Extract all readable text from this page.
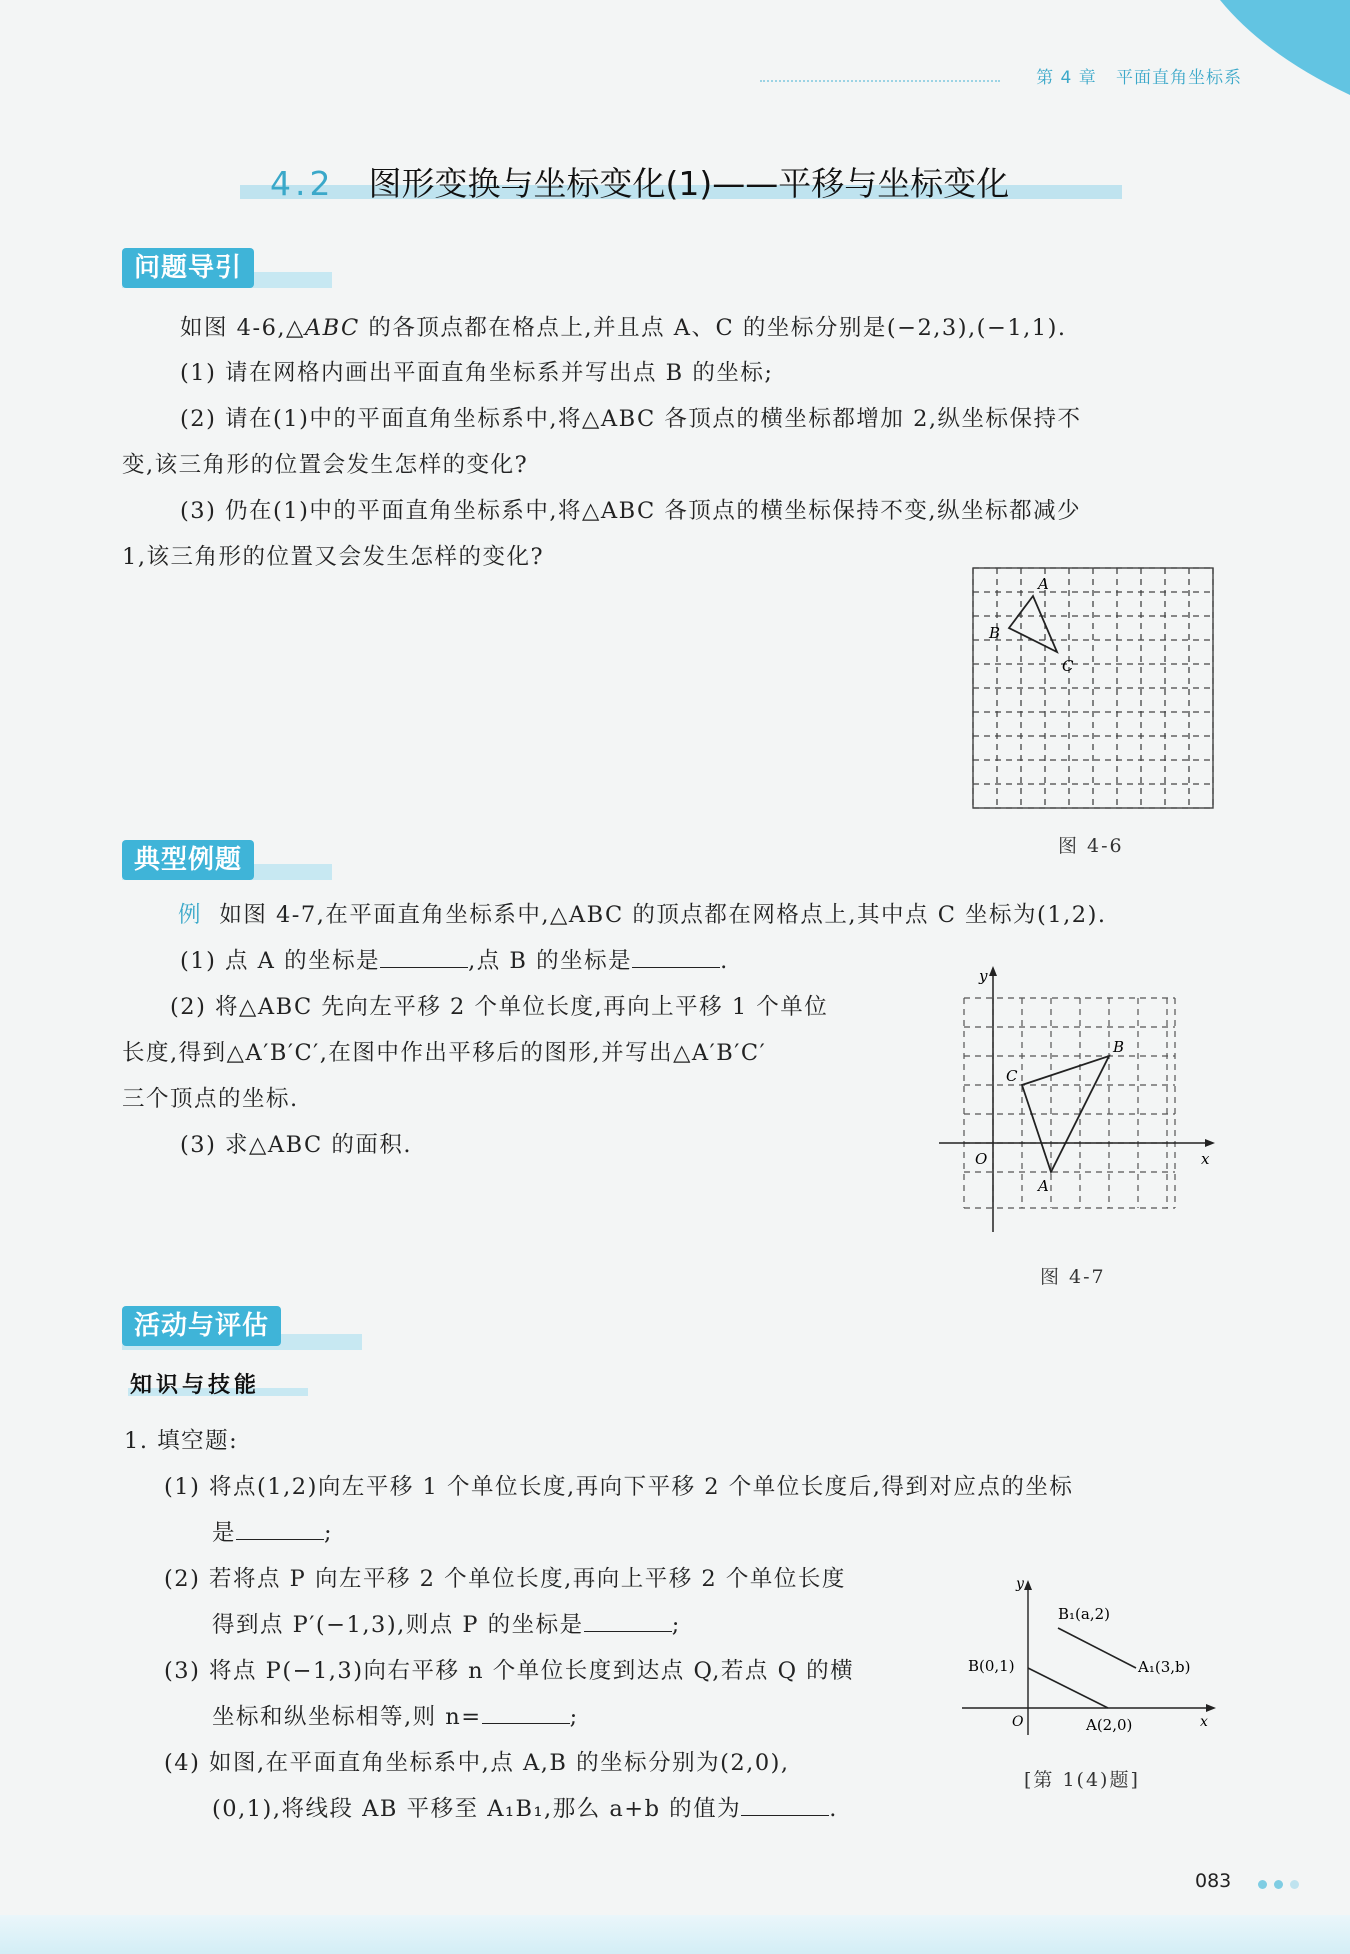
第 4 章 平面直角坐标系
4.2 图形变换与坐标变化(1)——平移与坐标变化
问题导引
如图 4-6,△ABC 的各顶点都在格点上,并且点 A、C 的坐标分别是(−2,3),(−1,1).
(1) 请在网格内画出平面直角坐标系并写出点 B 的坐标;
(2) 请在(1)中的平面直角坐标系中,将△ABC 各顶点的横坐标都增加 2,纵坐标保持不
变,该三角形的位置会发生怎样的变化?
(3) 仍在(1)中的平面直角坐标系中,将△ABC 各顶点的横坐标保持不变,纵坐标都减少
1,该三角形的位置又会发生怎样的变化?
A
B
C
图 4-6
典型例题
例 如图 4-7,在平面直角坐标系中,△ABC 的顶点都在网格点上,其中点 C 坐标为(1,2).
(1) 点 A 的坐标是	,点 B 的坐标是	.
(2) 将△ABC 先向左平移 2 个单位长度,再向上平移 1 个单位
长度,得到△A′B′C′,在图中作出平移后的图形,并写出△A′B′C′
三个顶点的坐标.
(3) 求△ABC 的面积.
y
x
O
A
B
C
图 4-7
活动与评估
知识与技能
1. 填空题:
(1) 将点(1,2)向左平移 1 个单位长度,再向下平移 2 个单位长度后,得到对应点的坐标
是	;
(2) 若将点 P 向左平移 2 个单位长度,再向上平移 2 个单位长度
得到点 P′(−1,3),则点 P 的坐标是	;
(3) 将点 P(−1,3)向右平移 n 个单位长度到达点 Q,若点 Q 的横
坐标和纵坐标相等,则 n=	;
(4) 如图,在平面直角坐标系中,点 A,B 的坐标分别为(2,0),
(0,1),将线段 AB 平移至 A₁B₁,那么 a+b 的值为	.
y
x
O
B₁(a,2)
A₁(3,b)
B(0,1)
A(2,0)
[第 1(4)题]
083
